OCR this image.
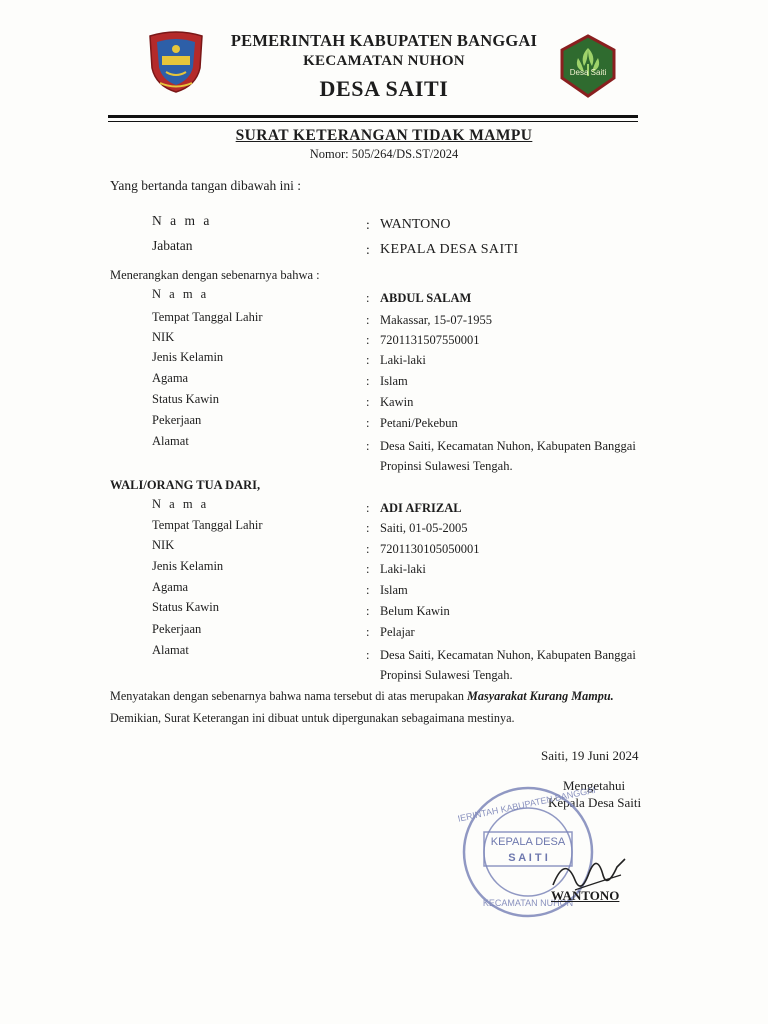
Desa Saiti
PEMERINTAH KABUPATEN BANGGAI
KECAMATAN NUHON
DESA SAITI
SURAT KETERANGAN TIDAK MAMPU
Nomor: 505/264/DS.ST/2024
Yang bertanda tangan dibawah ini :
N a m a	: WANTONO
Jabatan	: KEPALA DESA SAITI
Menerangkan dengan sebenarnya bahwa :
N a m a	: ABDUL SALAM
Tempat Tanggal Lahir	: Makassar, 15-07-1955
NIK	: 7201131507550001
Jenis Kelamin	: Laki-laki
Agama	: Islam
Status Kawin	: Kawin
Pekerjaan	: Petani/Pekebun
Alamat	: Desa Saiti, Kecamatan Nuhon, Kabupaten Banggai
Propinsi Sulawesi Tengah.
WALI/ORANG TUA DARI,
N a m a	: ADI AFRIZAL
Tempat Tanggal Lahir	: Saiti, 01-05-2005
NIK	: 7201130105050001
Jenis Kelamin	: Laki-laki
Agama	: Islam
Status Kawin	: Belum Kawin
Pekerjaan	: Pelajar
Alamat	: Desa Saiti, Kecamatan Nuhon, Kabupaten Banggai
Propinsi Sulawesi Tengah.
Menyatakan dengan sebenarnya bahwa nama tersebut di atas merupakan Masyarakat Kurang Mampu.
Demikian, Surat Keterangan ini dibuat untuk dipergunakan sebagaimana mestinya.
Saiti, 19 Juni 2024
Mengetahui
Kepala Desa Saiti
PEMERINTAH KABUPATEN BANGGAI
KECAMATAN NUHON
KEPALA DESA
S A I T I
WANTONO
